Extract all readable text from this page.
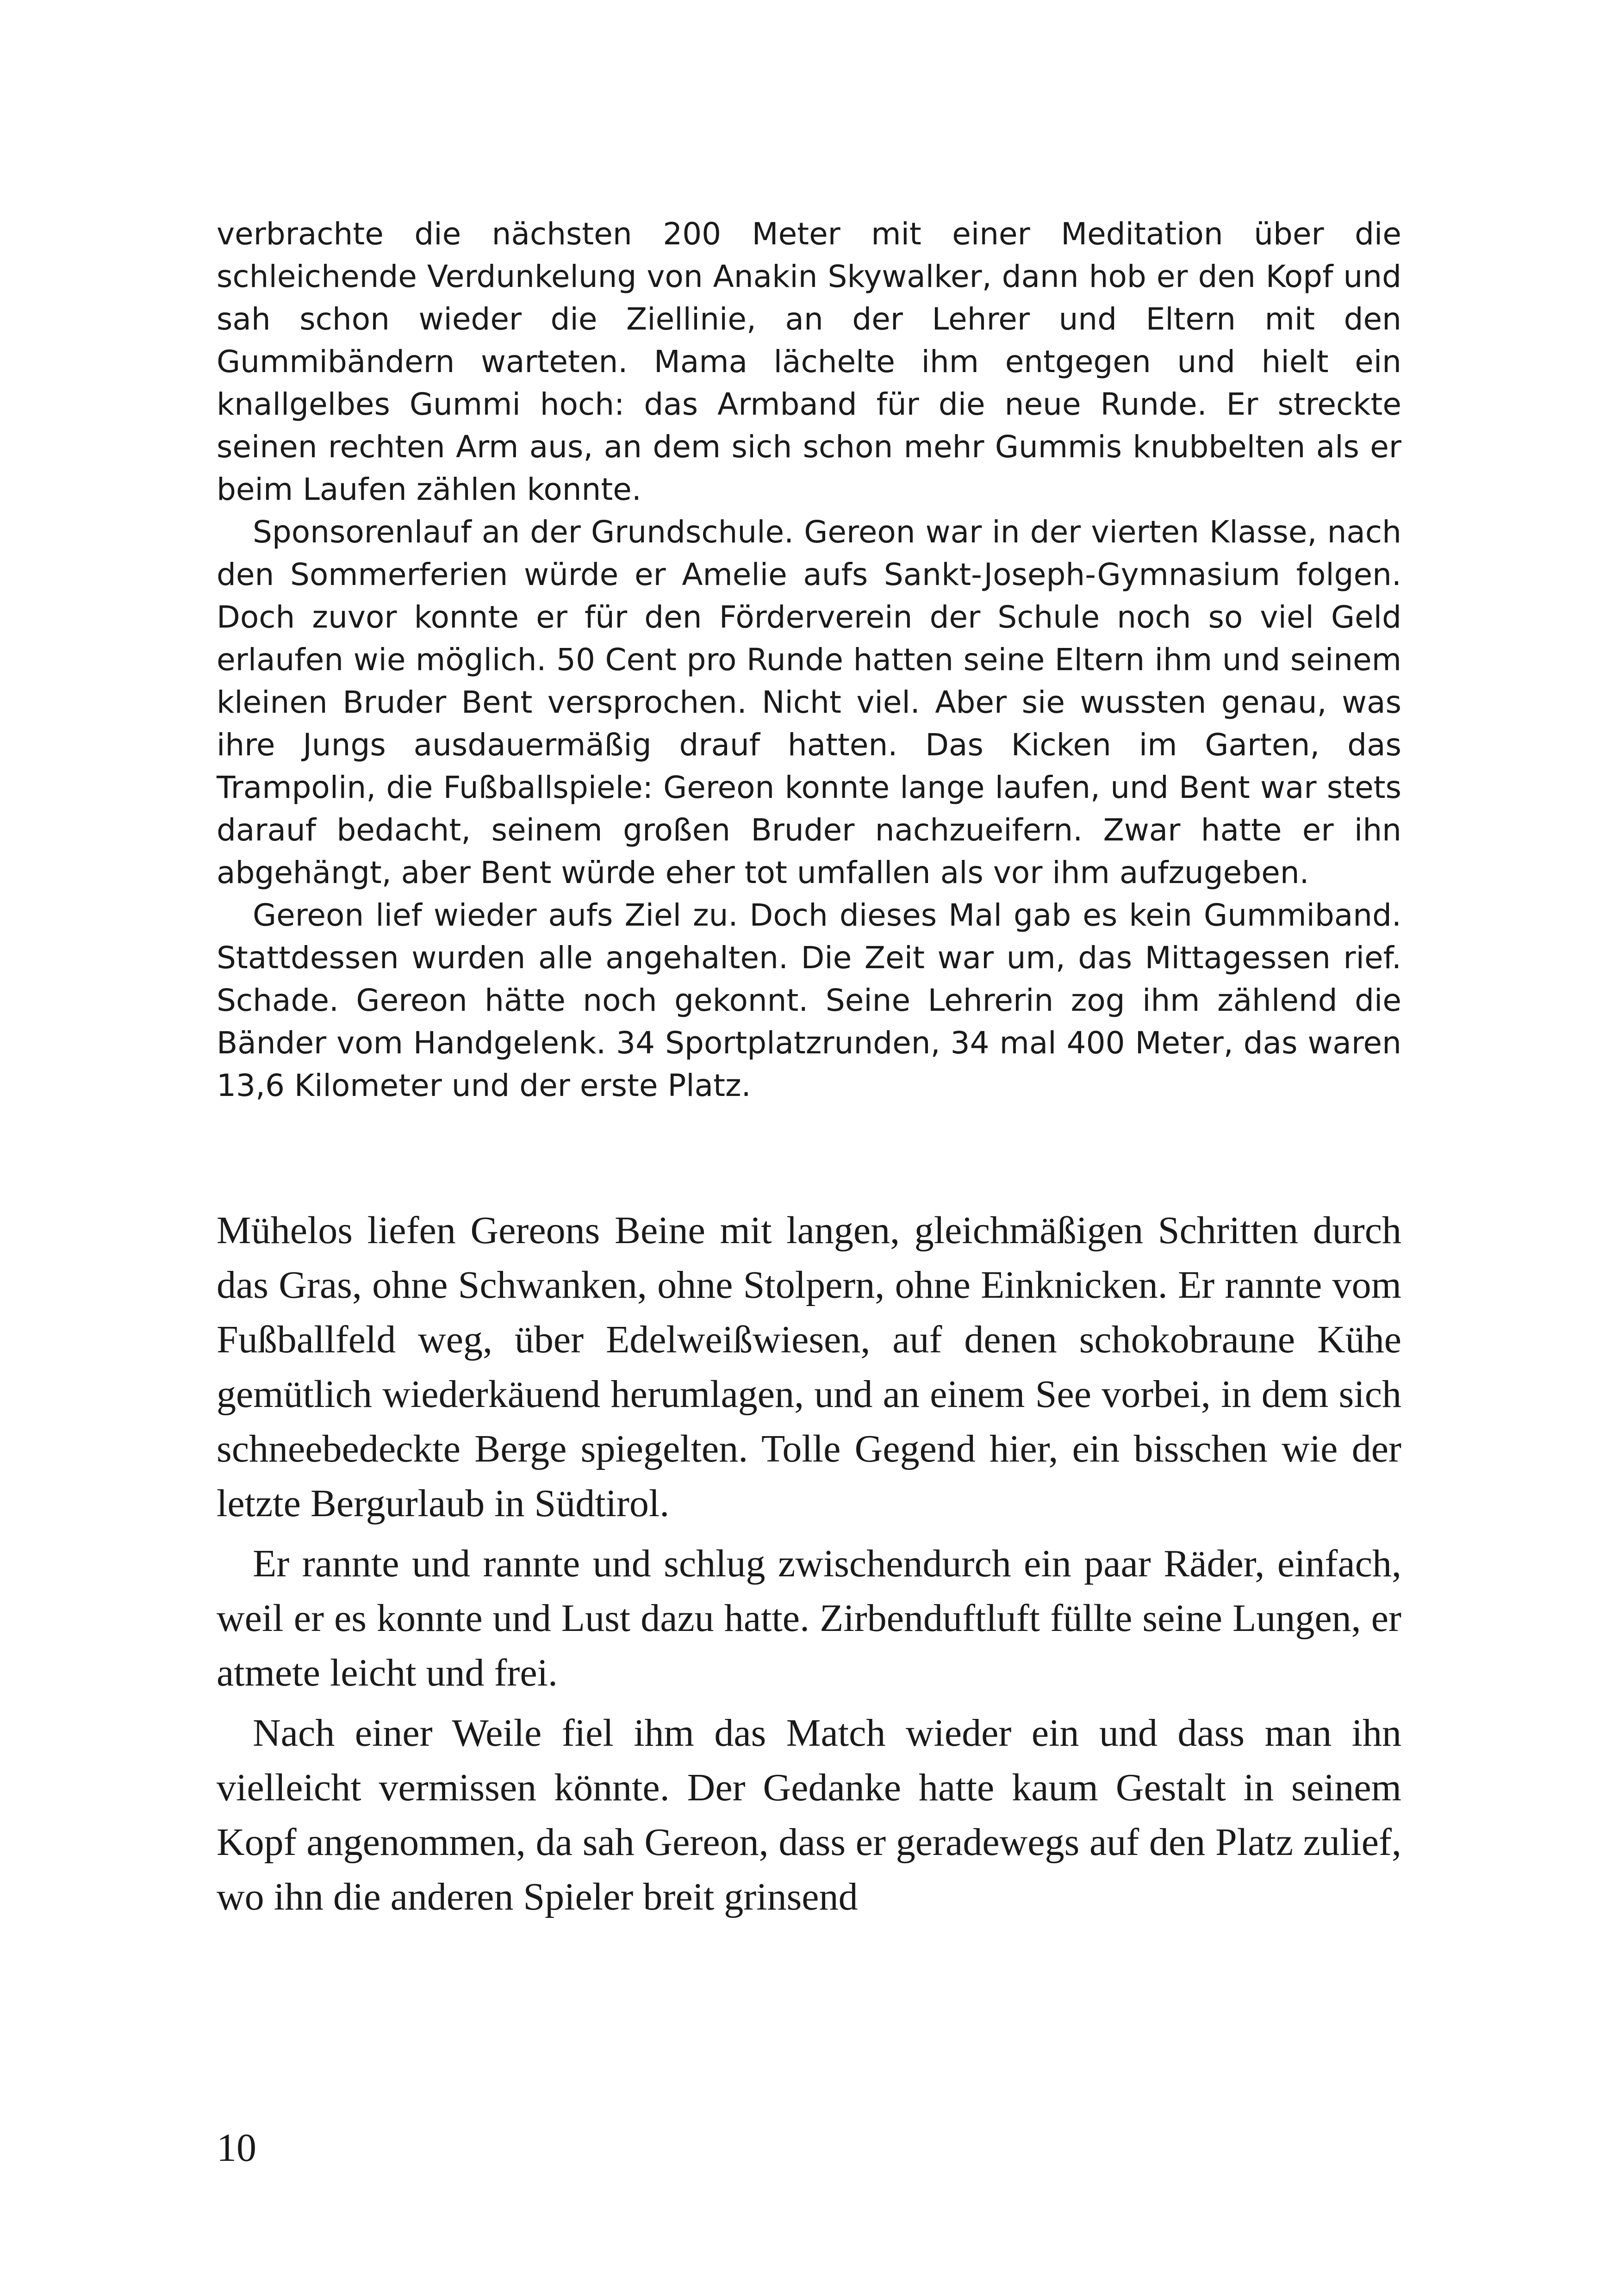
verbrachte die nächsten 200 Meter mit einer Meditation über die schleichende Verdunkelung von Anakin Skywalker, dann hob er den Kopf und sah schon wieder die Ziellinie, an der Lehrer und Eltern mit den Gummibändern warteten. Mama lächelte ihm entgegen und hielt ein knallgelbes Gummi hoch: das Armband für die neue Runde. Er streckte seinen rechten Arm aus, an dem sich schon mehr Gummis knubbelten als er beim Laufen zählen konnte.

Sponsorenlauf an der Grundschule. Gereon war in der vierten Klasse, nach den Sommerferien würde er Amelie aufs Sankt-Joseph-Gymnasium folgen. Doch zuvor konnte er für den Förderverein der Schule noch so viel Geld erlaufen wie möglich. 50 Cent pro Runde hatten seine Eltern ihm und seinem kleinen Bruder Bent versprochen. Nicht viel. Aber sie wussten genau, was ihre Jungs ausdauermäßig drauf hatten. Das Kicken im Garten, das Trampolin, die Fußballspiele: Gereon konnte lange laufen, und Bent war stets darauf bedacht, seinem großen Bruder nachzueifern. Zwar hatte er ihn abgehängt, aber Bent würde eher tot umfallen als vor ihm aufzugeben.

Gereon lief wieder aufs Ziel zu. Doch dieses Mal gab es kein Gummiband. Stattdessen wurden alle angehalten. Die Zeit war um, das Mittagessen rief. Schade. Gereon hätte noch gekonnt. Seine Lehrerin zog ihm zählend die Bänder vom Handgelenk. 34 Sportplatzrunden, 34 mal 400 Meter, das waren 13,6 Kilometer und der erste Platz.

Mühelos liefen Gereons Beine mit langen, gleichmäßigen Schritten durch das Gras, ohne Schwanken, ohne Stolpern, ohne Einknicken. Er rannte vom Fußballfeld weg, über Edelweißwiesen, auf denen schokobraune Kühe gemütlich wiederkäuend herumlagen, und an einem See vorbei, in dem sich schneebedeckte Berge spiegelten. Tolle Gegend hier, ein bisschen wie der letzte Bergurlaub in Südtirol.

Er rannte und rannte und schlug zwischendurch ein paar Räder, einfach, weil er es konnte und Lust dazu hatte. Zirbenduftluft füllte seine Lungen, er atmete leicht und frei.

Nach einer Weile fiel ihm das Match wieder ein und dass man ihn vielleicht vermissen könnte. Der Gedanke hatte kaum Gestalt in seinem Kopf angenommen, da sah Gereon, dass er geradewegs auf den Platz zulief, wo ihn die anderen Spieler breit grinsend

10
